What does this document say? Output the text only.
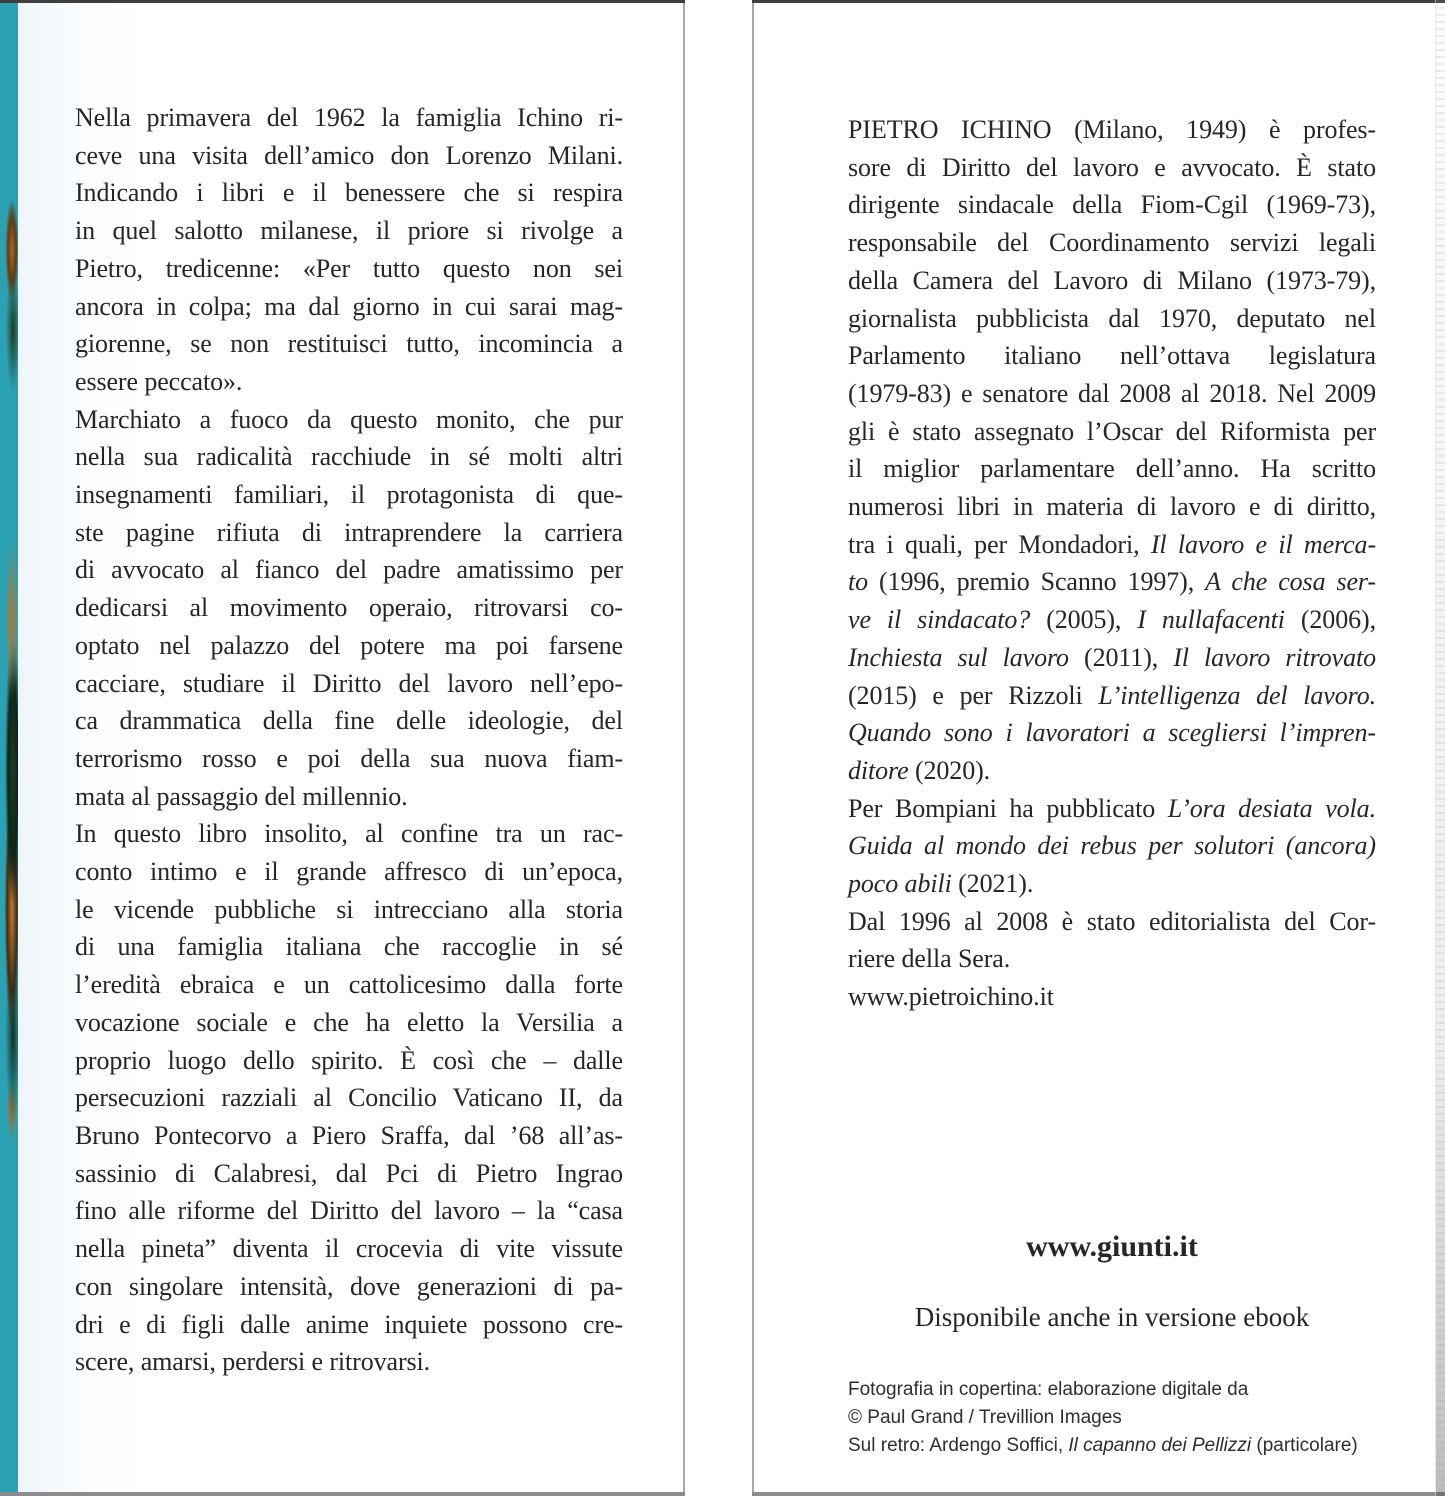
Nella primavera del 1962 la famiglia Ichino ri-
ceve una visita dell’amico don Lorenzo Milani.
Indicando i libri e il benessere che si respira
in quel salotto milanese, il priore si rivolge a
Pietro, tredicenne: «Per tutto questo non sei
ancora in colpa; ma dal giorno in cui sarai mag-
giorenne, se non restituisci tutto, incomincia a
essere peccato».
Marchiato a fuoco da questo monito, che pur
nella sua radicalità racchiude in sé molti altri
insegnamenti familiari, il protagonista di que-
ste pagine rifiuta di intraprendere la carriera
di avvocato al fianco del padre amatissimo per
dedicarsi al movimento operaio, ritrovarsi co-
optato nel palazzo del potere ma poi farsene
cacciare, studiare il Diritto del lavoro nell’epo-
ca drammatica della fine delle ideologie, del
terrorismo rosso e poi della sua nuova fiam-
mata al passaggio del millennio.
In questo libro insolito, al confine tra un rac-
conto intimo e il grande affresco di un’epoca,
le vicende pubbliche si intrecciano alla storia
di una famiglia italiana che raccoglie in sé
l’eredità ebraica e un cattolicesimo dalla forte
vocazione sociale e che ha eletto la Versilia a
proprio luogo dello spirito. È così che – dalle
persecuzioni razziali al Concilio Vaticano II, da
Bruno Pontecorvo a Piero Sraffa, dal ’68 all’as-
sassinio di Calabresi, dal Pci di Pietro Ingrao
fino alle riforme del Diritto del lavoro – la “casa
nella pineta” diventa il crocevia di vite vissute
con singolare intensità, dove generazioni di pa-
dri e di figli dalle anime inquiete possono cre-
scere, amarsi, perdersi e ritrovarsi.
PIETRO ICHINO (Milano, 1949) è profes-
sore di Diritto del lavoro e avvocato. È stato
dirigente sindacale della Fiom-Cgil (1969-73),
responsabile del Coordinamento servizi legali
della Camera del Lavoro di Milano (1973-79),
giornalista pubblicista dal 1970, deputato nel
Parlamento italiano nell’ottava legislatura
(1979-83) e senatore dal 2008 al 2018. Nel 2009
gli è stato assegnato l’Oscar del Riformista per
il miglior parlamentare dell’anno. Ha scritto
numerosi libri in materia di lavoro e di diritto,
tra i quali, per Mondadori, Il lavoro e il merca-
to (1996, premio Scanno 1997), A che cosa ser-
ve il sindacato? (2005), I nullafacenti (2006),
Inchiesta sul lavoro (2011), Il lavoro ritrovato
(2015) e per Rizzoli L’intelligenza del lavoro.
Quando sono i lavoratori a scegliersi l’impren-
ditore (2020).
Per Bompiani ha pubblicato L’ora desiata vola.
Guida al mondo dei rebus per solutori (ancora)
poco abili (2021).
Dal 1996 al 2008 è stato editorialista del Cor-
riere della Sera.
www.pietroichino.it
www.giunti.it
Disponibile anche in versione ebook
Fotografia in copertina: elaborazione digitale da
© Paul Grand / Trevillion Images
Sul retro: Ardengo Soffici, Il capanno dei Pellizzi (particolare)
